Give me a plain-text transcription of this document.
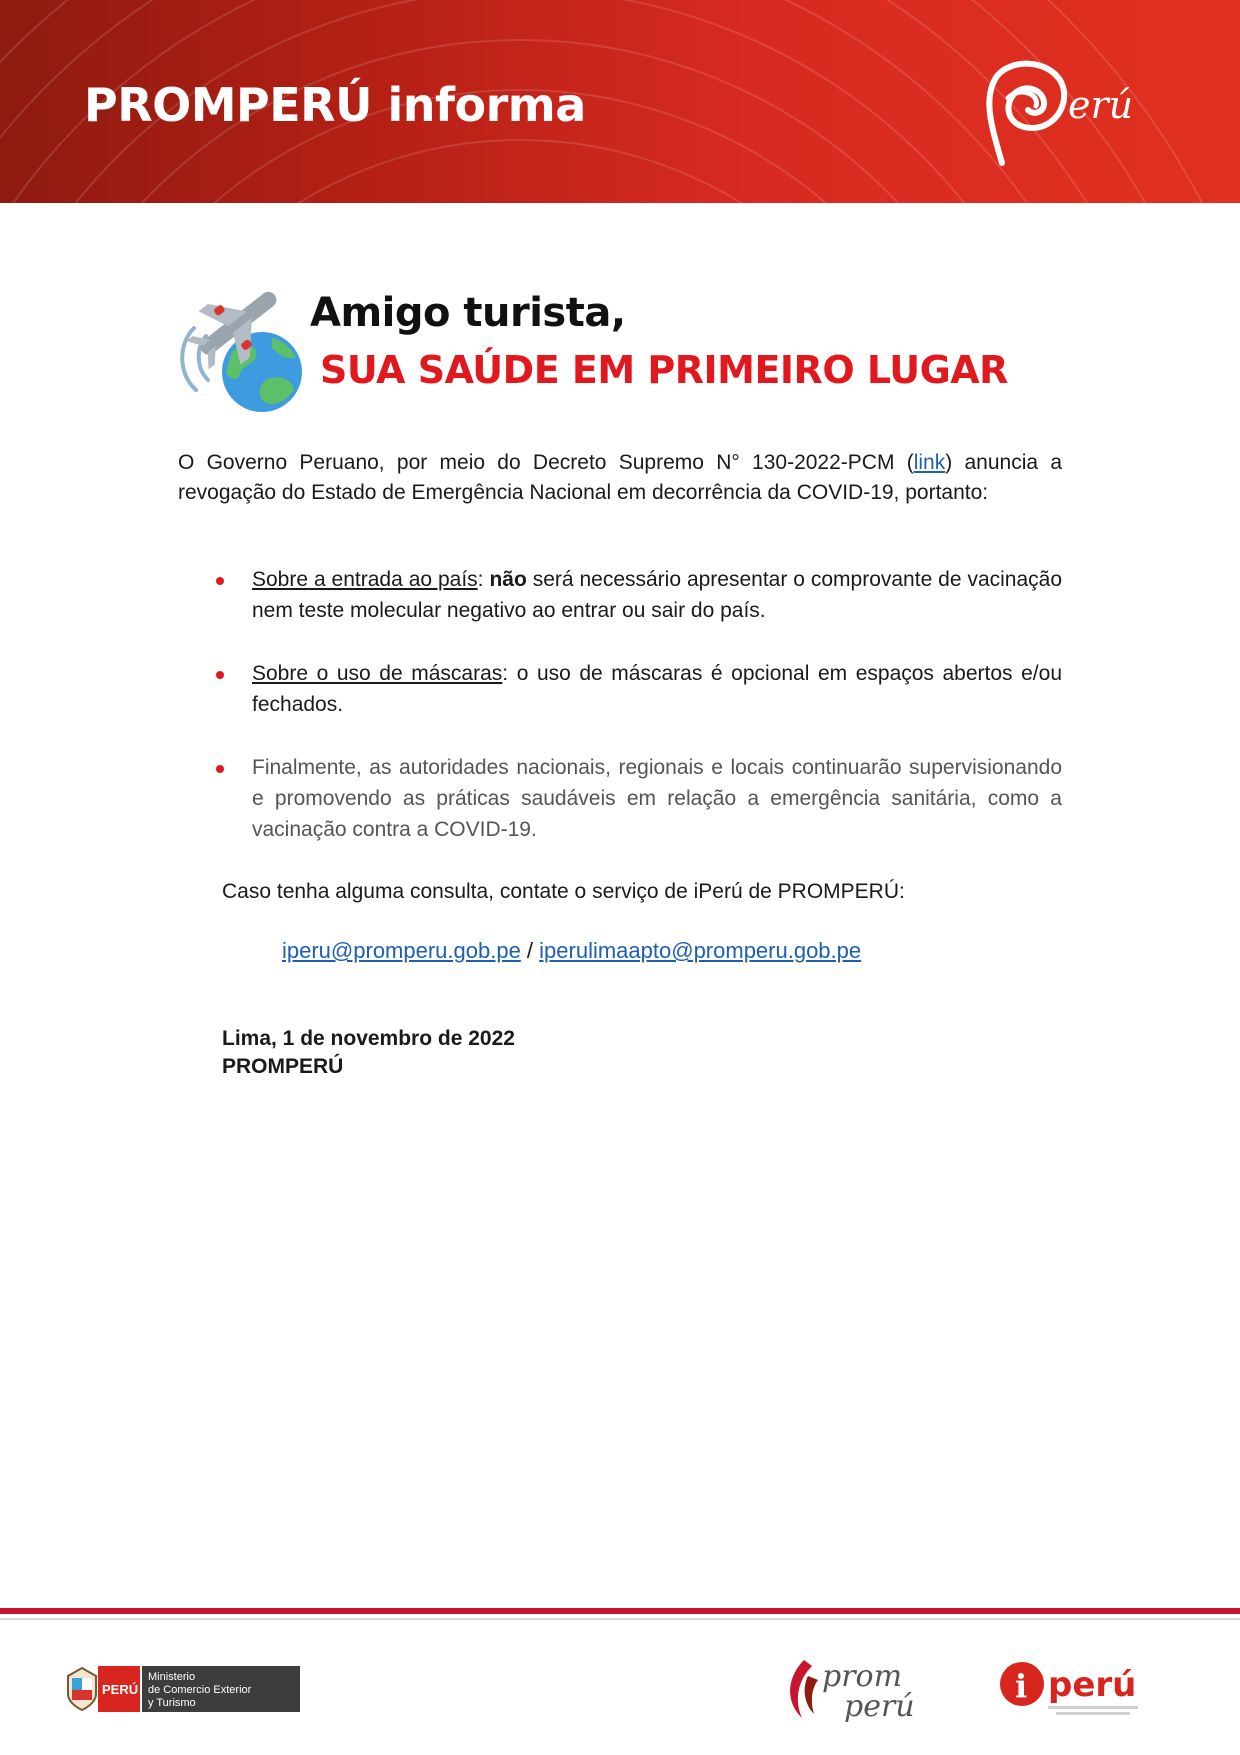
PROMPERÚ informa	erú
Amigo turista,
SUA SAÚDE EM PRIMEIRO LUGAR
O Governo Peruano, por meio do Decreto Supremo N° 130-2022-PCM (link) anuncia a revogação do Estado de Emergência Nacional em decorrência da COVID-19, portanto:
Sobre a entrada ao país: não será necessário apresentar o comprovante de vacinação nem teste molecular negativo ao entrar ou sair do país.
Sobre o uso de máscaras: o uso de máscaras é opcional em espaços abertos e/ou fechados.
Finalmente, as autoridades nacionais, regionais e locais continuarão supervisionando e promovendo as práticas saudáveis em relação a emergência sanitária, como a vacinação contra a COVID-19.
Caso tenha alguma consulta, contate o serviço de iPerú de PROMPERÚ:
iperu@promperu.gob.pe / iperulimaapto@promperu.gob.pe
Lima, 1 de novembro de 2022
PROMPERÚ
PERÚ
Ministerio
de Comercio Exterior
y Turismo
prom
perú
i perú
